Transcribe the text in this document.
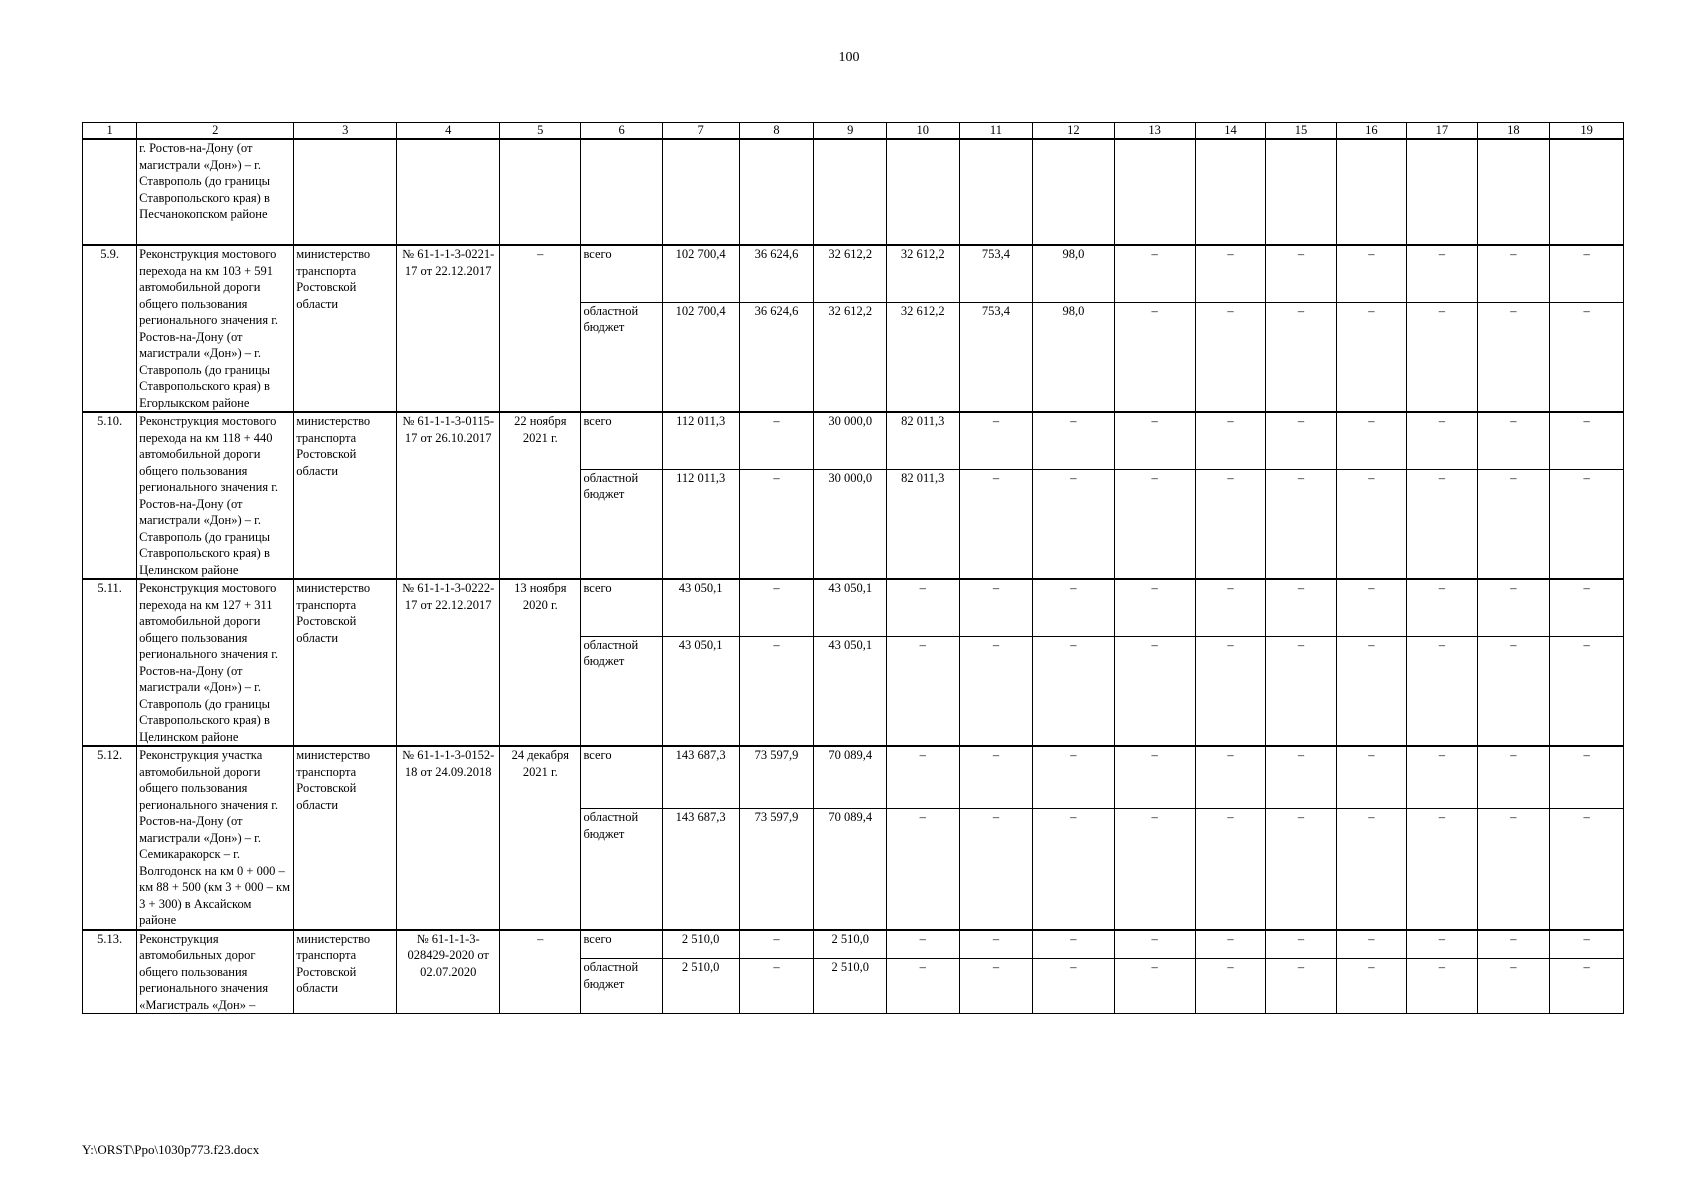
100
1	2	3	4	5	6	7	8	9	10	11	12	13	14	15	16	17	18	19
	г. Ростов-на-Дону (от магистрали «Дон») – г. Ставрополь (до границы Ставропольского края) в Песчанокопском районе																	
5.9.	Реконструкция мостового перехода на км 103 + 591 автомобильной дороги общего пользования регионального значения г. Ростов-на-Дону (от магистрали «Дон») – г. Ставрополь (до границы Ставропольского края) в Егорлыкском районе	министерство транспорта Ростовской области	№ 61-1-1-3-0221-17 от 22.12.2017	–	всего	102 700,4	36 624,6	32 612,2	32 612,2	753,4	98,0	–	–	–	–	–	–	–
					областной бюджет	102 700,4	36 624,6	32 612,2	32 612,2	753,4	98,0	–	–	–	–	–	–	–
5.10.	Реконструкция мостового перехода на км 118 + 440 автомобильной дороги общего пользования регионального значения г. Ростов-на-Дону (от магистрали «Дон») – г. Ставрополь (до границы Ставропольского края) в Целинском районе	министерство транспорта Ростовской области	№ 61-1-1-3-0115-17 от 26.10.2017	22 ноября 2021 г.	всего	112 011,3	–	30 000,0	82 011,3	–	–	–	–	–	–	–	–	–
					областной бюджет	112 011,3	–	30 000,0	82 011,3	–	–	–	–	–	–	–	–	–
5.11.	Реконструкция мостового перехода на км 127 + 311 автомобильной дороги общего пользования регионального значения г. Ростов-на-Дону (от магистрали «Дон») – г. Ставрополь (до границы Ставропольского края) в Целинском районе	министерство транспорта Ростовской области	№ 61-1-1-3-0222-17 от 22.12.2017	13 ноября 2020 г.	всего	43 050,1	–	43 050,1	–	–	–	–	–	–	–	–	–	–
					областной бюджет	43 050,1	–	43 050,1	–	–	–	–	–	–	–	–	–	–
5.12.	Реконструкция участка автомобильной дороги общего пользования регионального значения г. Ростов-на-Дону (от магистрали «Дон») – г. Семикаракорск – г. Волгодонск на км 0 + 000 – км 88 + 500 (км 3 + 000 – км 3 + 300) в Аксайском районе	министерство транспорта Ростовской области	№ 61-1-1-3-0152-18 от 24.09.2018	24 декабря 2021 г.	всего	143 687,3	73 597,9	70 089,4	–	–	–	–	–	–	–	–	–	–
					областной бюджет	143 687,3	73 597,9	70 089,4	–	–	–	–	–	–	–	–	–	–
5.13.	Реконструкция автомобильных дорог общего пользования регионального значения «Магистраль «Дон» –	министерство транспорта Ростовской области	№ 61-1-1-3-028429-2020 от 02.07.2020	–	всего	2 510,0	–	2 510,0	–	–	–	–	–	–	–	–	–	–
					областной бюджет	2 510,0	–	2 510,0	–	–	–	–	–	–	–	–	–	–
Y:\ORST\Ppo\1030p773.f23.docx
